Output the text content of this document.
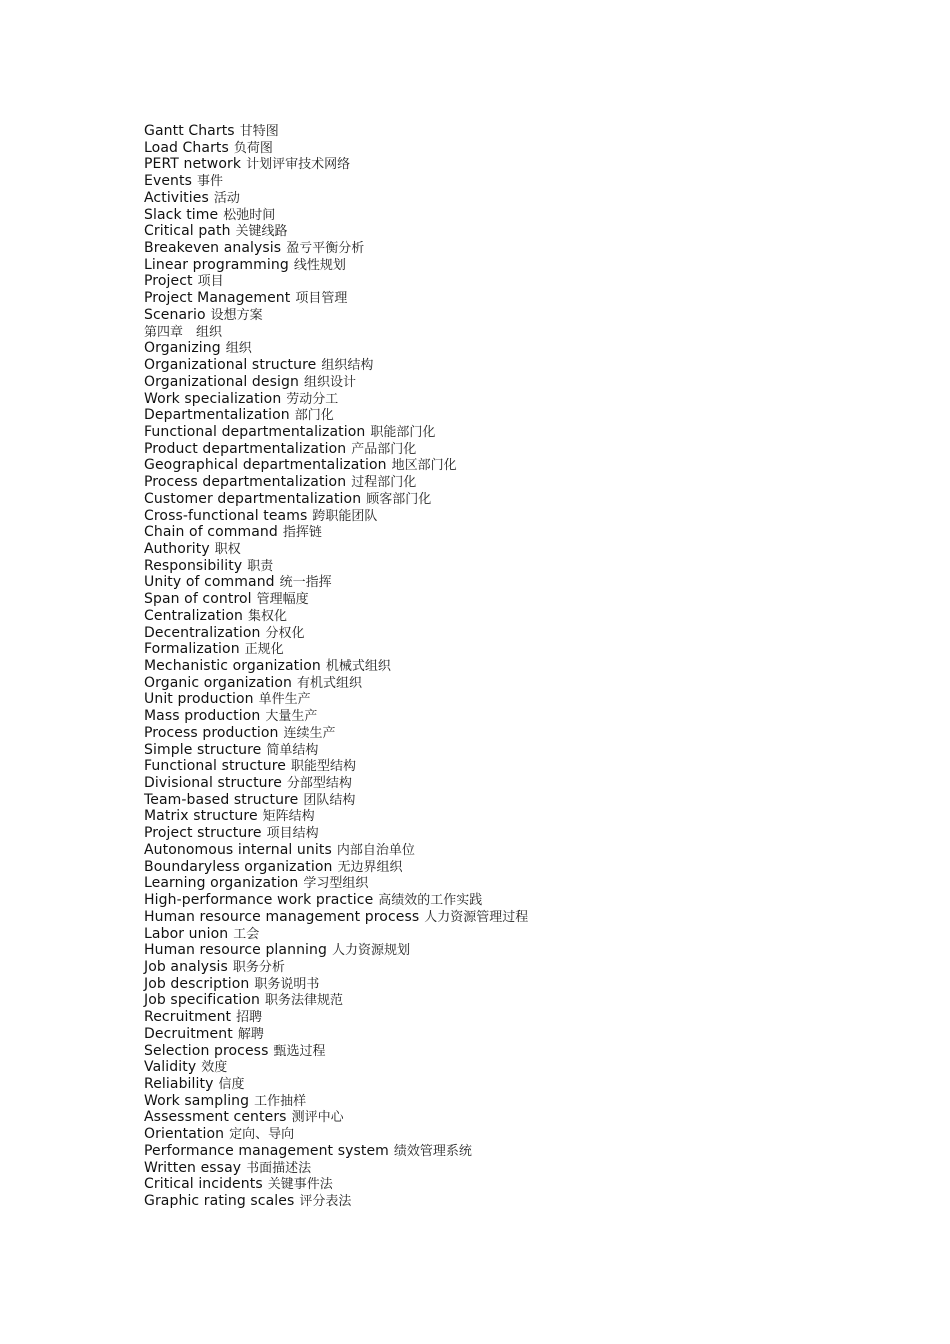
Gantt Charts 甘特图
Load Charts 负荷图
PERT network 计划评审技术网络
Events 事件
Activities 活动
Slack time 松弛时间
Critical path 关键线路
Breakeven analysis 盈亏平衡分析
Linear programming 线性规划
Project 项目
Project Management 项目管理
Scenario 设想方案
第四章　组织
Organizing 组织
Organizational structure 组织结构
Organizational design 组织设计
Work specialization 劳动分工
Departmentalization 部门化
Functional departmentalization 职能部门化
Product departmentalization 产品部门化
Geographical departmentalization 地区部门化
Process departmentalization 过程部门化
Customer departmentalization 顾客部门化
Cross-functional teams 跨职能团队
Chain of command 指挥链
Authority 职权
Responsibility 职责
Unity of command 统一指挥
Span of control 管理幅度
Centralization 集权化
Decentralization 分权化
Formalization 正规化
Mechanistic organization 机械式组织
Organic organization 有机式组织
Unit production 单件生产
Mass production 大量生产
Process production 连续生产
Simple structure 简单结构
Functional structure 职能型结构
Divisional structure 分部型结构
Team-based structure 团队结构
Matrix structure 矩阵结构
Project structure 项目结构
Autonomous internal units 内部自治单位
Boundaryless organization 无边界组织
Learning organization 学习型组织
High-performance work practice 高绩效的工作实践
Human resource management process 人力资源管理过程
Labor union 工会
Human resource planning 人力资源规划
Job analysis 职务分析
Job description 职务说明书
Job specification 职务法律规范
Recruitment 招聘
Decruitment 解聘
Selection process 甄选过程
Validity 效度
Reliability 信度
Work sampling 工作抽样
Assessment centers 测评中心
Orientation 定向、导向
Performance management system 绩效管理系统
Written essay 书面描述法
Critical incidents 关键事件法
Graphic rating scales 评分表法
